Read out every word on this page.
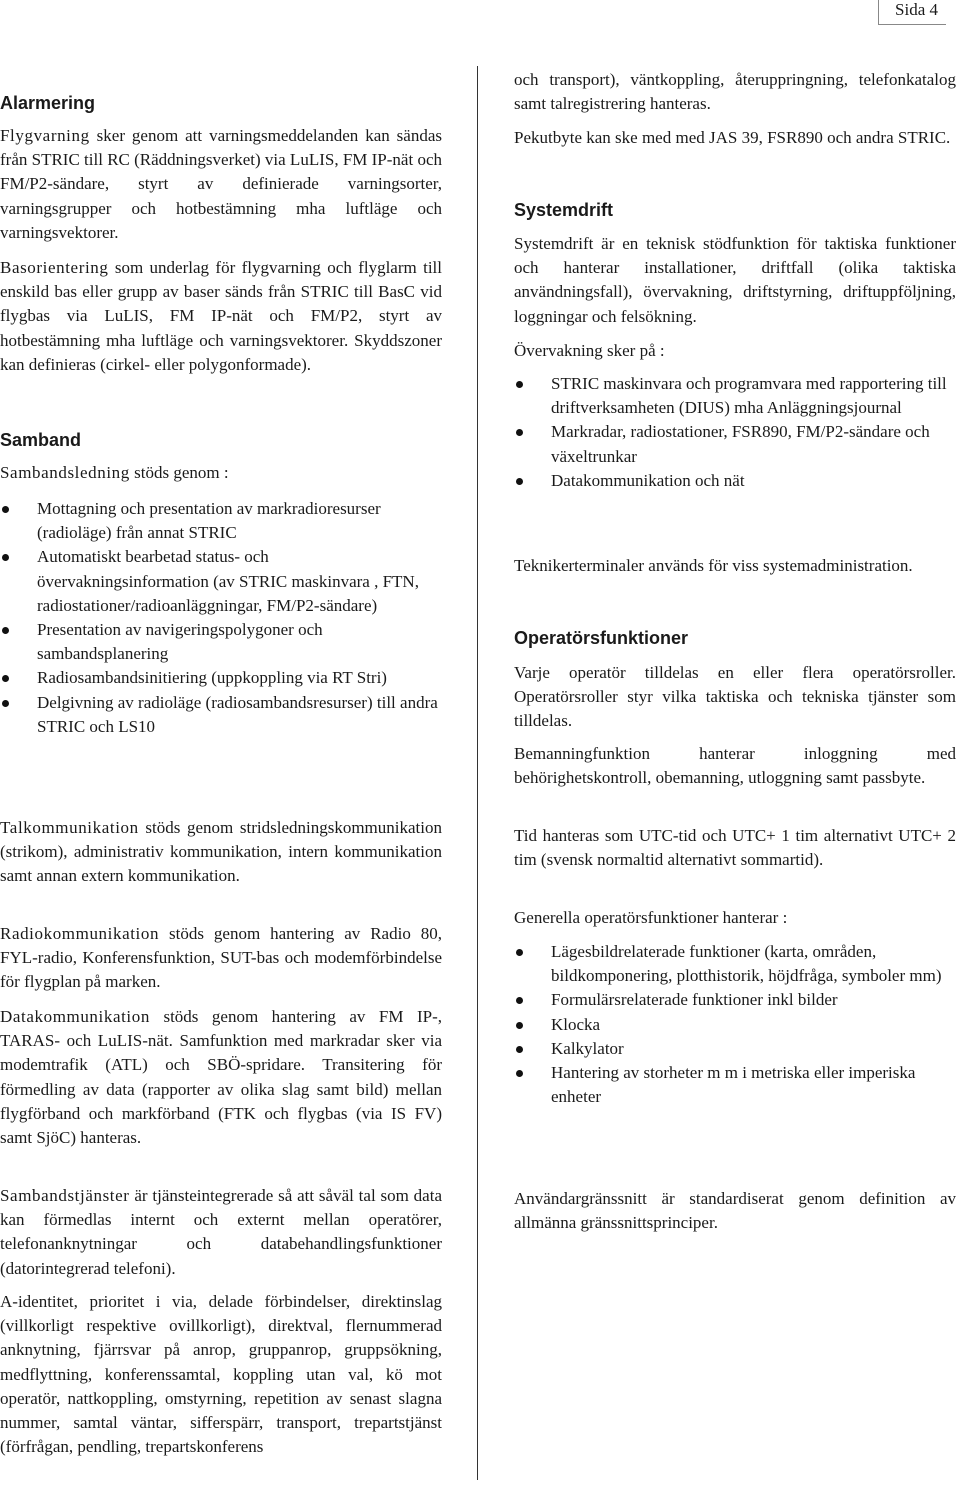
Sida 4
Alarmering

Flygvarning sker genom att varningsmeddelanden kan sändas från STRIC till RC (Räddningsverket) via LuLIS, FM IP-nät och FM/P2-sändare, styrt av definierade varningsorter, varningsgrupper och hotbestämning mha luftläge och varningsvektorer.

Basorientering som underlag för flygvarning och flyglarm till enskild bas eller grupp av baser sänds från STRIC till BasC vid flygbas via LuLIS, FM IP-nät och FM/P2, styrt av hotbestämning mha luftläge och varningsvektorer. Skyddszoner kan definieras (cirkel- eller polygonformade).

Samband

Sambandsledning stöds genom :

Mottagning och presentation av markradioresurser (radioläge) från annat STRIC
Automatiskt bearbetad status- och övervakningsinformation (av STRIC maskinvara , FTN, radiostationer/radioanläggningar, FM/P2-sändare)
Presentation av navigeringspolygoner och sambandsplanering
Radiosambandsinitiering (uppkoppling via RT Stri)
Delgivning av radioläge (radiosambandsresurser) till andra STRIC och LS10

Talkommunikation stöds genom stridsledningskommunikation (strikom), administrativ kommunikation, intern kommunikation samt annan extern kommunikation.

Radiokommunikation stöds genom hantering av Radio 80, FYL-radio, Konferensfunktion, SUT-bas och modemförbindelse för flygplan på marken.

Datakommunikation stöds genom hantering av FM IP-, TARAS- och LuLIS-nät. Samfunktion med markradar sker via modemtrafik (ATL) och SBÖ-spridare. Transitering för förmedling av data (rapporter av olika slag samt bild) mellan flygförband och markförband (FTK och flygbas (via IS FV) samt SjöC) hanteras.

Sambandstjänster är tjänsteintegrerade så att såväl tal som data kan förmedlas internt och externt mellan operatörer, telefonanknytningar och databehandlingsfunktioner (datorintegrerad telefoni).

A-identitet, prioritet i via, delade förbindelser, direktinslag (villkorligt respektive ovillkorligt), direktval, flernummerad anknytning, fjärrsvar på anrop, gruppanrop, gruppsökning, medflyttning, konferenssamtal, koppling utan val, kö mot operatör, nattkoppling, omstyrning, repetition av senast slagna nummer, samtal väntar, sifferspärr, transport, trepartstjänst (förfrågan, pendling, trepartskonferens

och transport), väntkoppling, återuppringning, telefonkatalog samt talregistrering hanteras.

Pekutbyte kan ske med med JAS 39, FSR890 och andra STRIC.

Systemdrift

Systemdrift är en teknisk stödfunktion för taktiska funktioner och hanterar installationer, driftfall (olika taktiska användningsfall), övervakning, driftstyrning, driftuppföljning, loggningar och felsökning.

Övervakning sker på :

STRIC maskinvara och programvara med rapportering till driftverksamheten (DIUS) mha Anläggningsjournal
Markradar, radiostationer, FSR890, FM/P2-sändare och växeltrunkar
Datakommunikation och nät

Teknikerterminaler används för viss systemadministration.

Operatörsfunktioner

Varje operatör tilldelas en eller flera operatörsroller. Operatörsroller styr vilka taktiska och tekniska tjänster som tilldelas.

Bemanningfunktion hanterar inloggning med behörighetskontroll, obemanning, utloggning samt passbyte.

Tid hanteras som UTC-tid och UTC+ 1 tim alternativt UTC+ 2 tim (svensk normaltid alternativt sommartid).

Generella operatörsfunktioner hanterar :

Lägesbildrelaterade funktioner (karta, områden, bildkomponering, plotthistorik, höjdfråga, symboler mm)
Formulärsrelaterade funktioner inkl bilder
Klocka
Kalkylator
Hantering av storheter m m i metriska eller imperiska enheter

Användargränssnitt är standardiserat genom definition av allmänna gränssnittsprinciper.
